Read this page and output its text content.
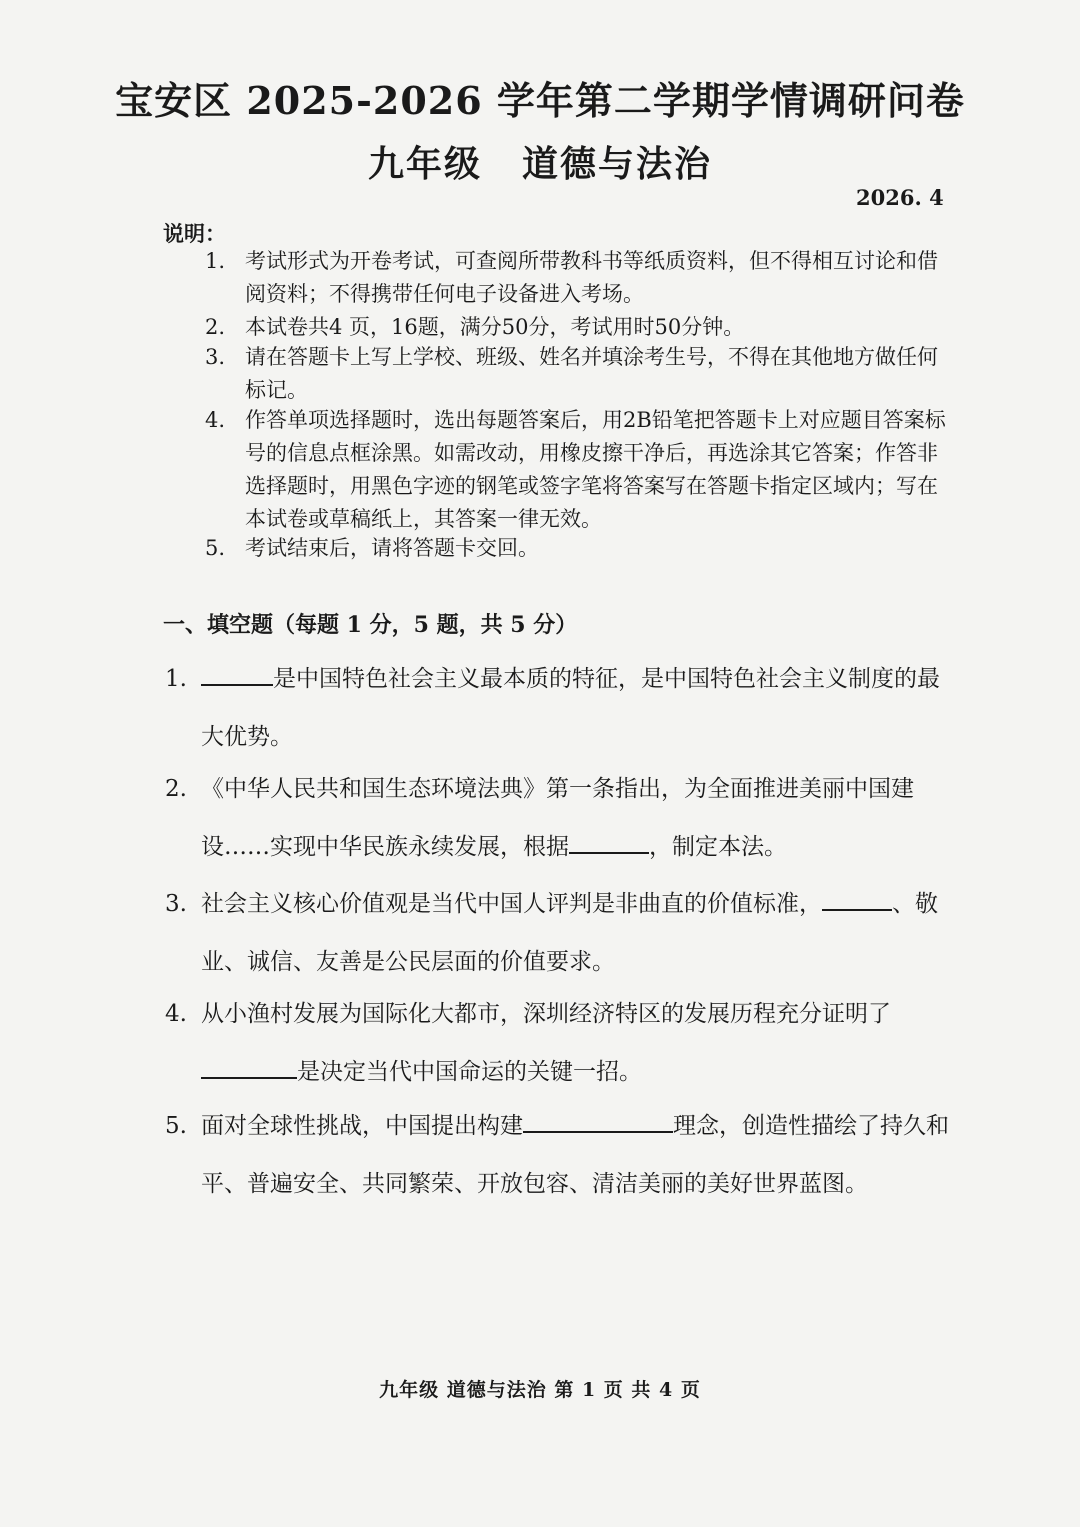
宝安区 2025-2026 学年第二学期学情调研问卷
九年级 道德与法治
2026. 4
说明：
1. 考试形式为开卷考试，可查阅所带教科书等纸质资料，但不得相互讨论和借阅资料；不得携带任何电子设备进入考场。
2. 本试卷共4 页，16题，满分50分，考试用时50分钟。
3. 请在答题卡上写上学校、班级、姓名并填涂考生号，不得在其他地方做任何标记。
4. 作答单项选择题时，选出每题答案后，用2B铅笔把答题卡上对应题目答案标号的信息点框涂黑。如需改动，用橡皮擦干净后，再选涂其它答案；作答非选择题时，用黑色字迹的钢笔或签字笔将答案写在答题卡指定区域内；写在本试卷或草稿纸上，其答案一律无效。
5. 考试结束后，请将答题卡交回。
一、填空题（每题 1 分，5 题，共 5 分）
1.	是中国特色社会主义最本质的特征，是中国特色社会主义制度的最大优势。
2. 《中华人民共和国生态环境法典》第一条指出，为全面推进美丽中国建设……实现中华民族永续发展，根据	，制定本法。
3. 社会主义核心价值观是当代中国人评判是非曲直的价值标准，	、敬业、诚信、友善是公民层面的价值要求。
4. 从小渔村发展为国际化大都市，深圳经济特区的发展历程充分证明了是决定当代中国命运的关键一招。
5. 面对全球性挑战，中国提出构建	理念，创造性描绘了持久和平、普遍安全、共同繁荣、开放包容、清洁美丽的美好世界蓝图。
九年级 道德与法治 第 1 页 共 4 页
